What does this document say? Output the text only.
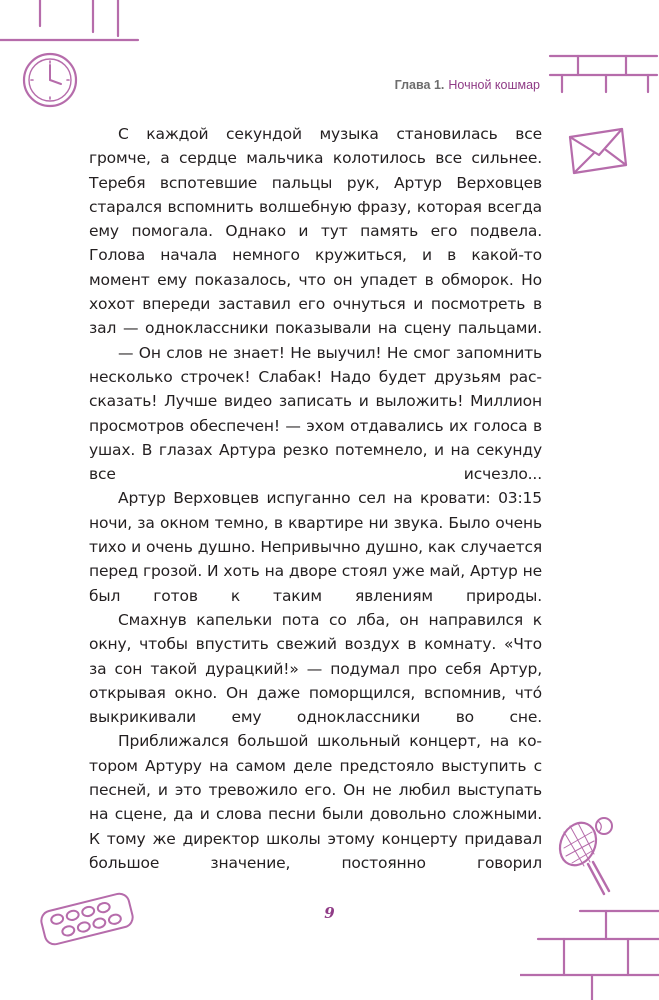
Глава 1. Ночной кошмар

С каждой секундой музыка становилась все громче, а сердце мальчика колотилось все сильнее. Теребя вспотевшие пальцы рук, Артур Верховцев старался вспомнить волшебную фразу, которая всегда ему помогала. Однако и тут память его подвела. Голова начала немного кружиться, и в какой-то момент ему показалось, что он упадет в обморок. Но хохот впереди заставил его очнуться и посмотреть в зал — одноклассники показывали на сцену пальцами.

— Он слов не знает! Не выучил! Не смог запомнить несколько строчек! Слабак! Надо будет друзьям рассказать! Лучше видео записать и выложить! Миллион просмотров обеспечен! — эхом отдавались их голоса в ушах. В глазах Артура резко потемнело, и на секунду все исчезло...

Артур Верховцев испуганно сел на кровати: 03:15 ночи, за окном темно, в квартире ни звука. Было очень тихо и очень душно. Непривычно душно, как случается перед грозой. И хоть на дворе стоял уже май, Артур не был готов к таким явлениям природы.

Смахнув капельки пота со лба, он направился к окну, чтобы впустить свежий воздух в комнату. «Что за сон такой дурацкий!» — подумал про себя Артур, открывая окно. Он даже поморщился, вспомнив, что́ выкрикивали ему одноклассники во сне.

Приближался большой школьный концерт, на котором Артуру на самом деле предстояло выступить с песней, и это тревожило его. Он не любил выступать на сцене, да и слова песни были довольно сложными. К тому же директор школы этому концерту придавал большое значение, постоянно говорил

9
